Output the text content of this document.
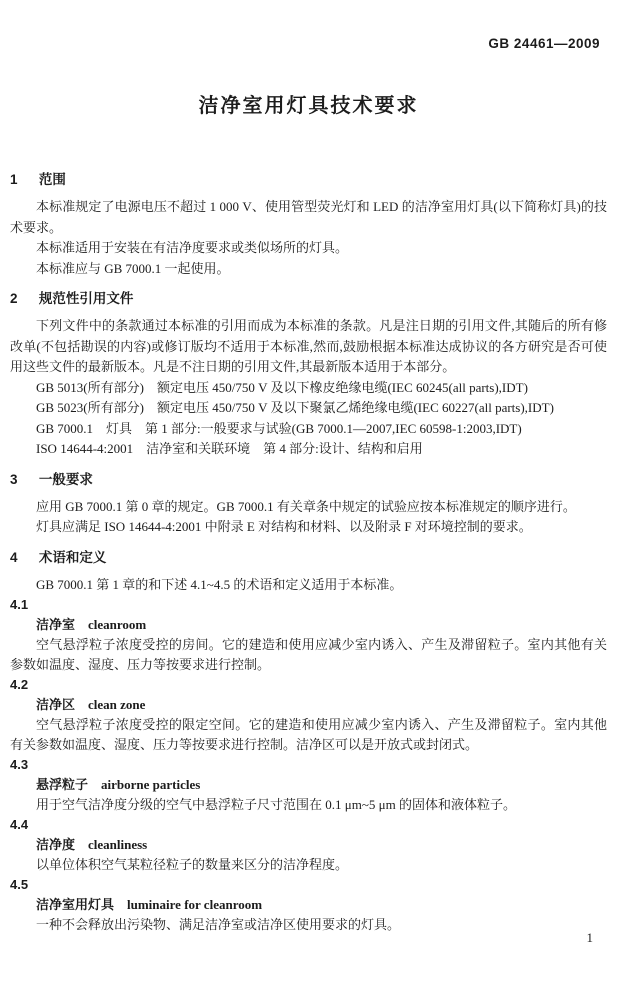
GB 24461—2009
洁净室用灯具技术要求
1 范围

本标准规定了电源电压不超过 1 000 V、使用管型荧光灯和 LED 的洁净室用灯具(以下简称灯具)的技术要求。

本标准适用于安装在有洁净度要求或类似场所的灯具。

本标准应与 GB 7000.1 一起使用。

2 规范性引用文件

下列文件中的条款通过本标准的引用而成为本标准的条款。凡是注日期的引用文件,其随后的所有修改单(不包括勘误的内容)或修订版均不适用于本标准,然而,鼓励根据本标准达成协议的各方研究是否可使用这些文件的最新版本。凡是不注日期的引用文件,其最新版本适用于本部分。

GB 5013(所有部分)　额定电压 450/750 V 及以下橡皮绝缘电缆(IEC 60245(all parts),IDT)

GB 5023(所有部分)　额定电压 450/750 V 及以下聚氯乙烯绝缘电缆(IEC 60227(all parts),IDT)

GB 7000.1　灯具　第 1 部分:一般要求与试验(GB 7000.1—2007,IEC 60598-1:2003,IDT)

ISO 14644-4:2001　洁净室和关联环境　第 4 部分:设计、结构和启用

3 一般要求

应用 GB 7000.1 第 0 章的规定。GB 7000.1 有关章条中规定的试验应按本标准规定的顺序进行。

灯具应满足 ISO 14644-4:2001 中附录 E 对结构和材料、以及附录 F 对环境控制的要求。

4 术语和定义

GB 7000.1 第 1 章的和下述 4.1~4.5 的术语和定义适用于本标准。

4.1
洁净室 cleanroom

空气悬浮粒子浓度受控的房间。它的建造和使用应减少室内诱入、产生及滞留粒子。室内其他有关参数如温度、湿度、压力等按要求进行控制。

4.2
洁净区 clean zone

空气悬浮粒子浓度受控的限定空间。它的建造和使用应减少室内诱入、产生及滞留粒子。室内其他有关参数如温度、湿度、压力等按要求进行控制。洁净区可以是开放式或封闭式。

4.3
悬浮粒子 airborne particles

用于空气洁净度分级的空气中悬浮粒子尺寸范围在 0.1 μm~5 μm 的固体和液体粒子。

4.4
洁净度 cleanliness

以单位体积空气某粒径粒子的数量来区分的洁净程度。

4.5
洁净室用灯具 luminaire for cleanroom

一种不会释放出污染物、满足洁净室或洁净区使用要求的灯具。

1
